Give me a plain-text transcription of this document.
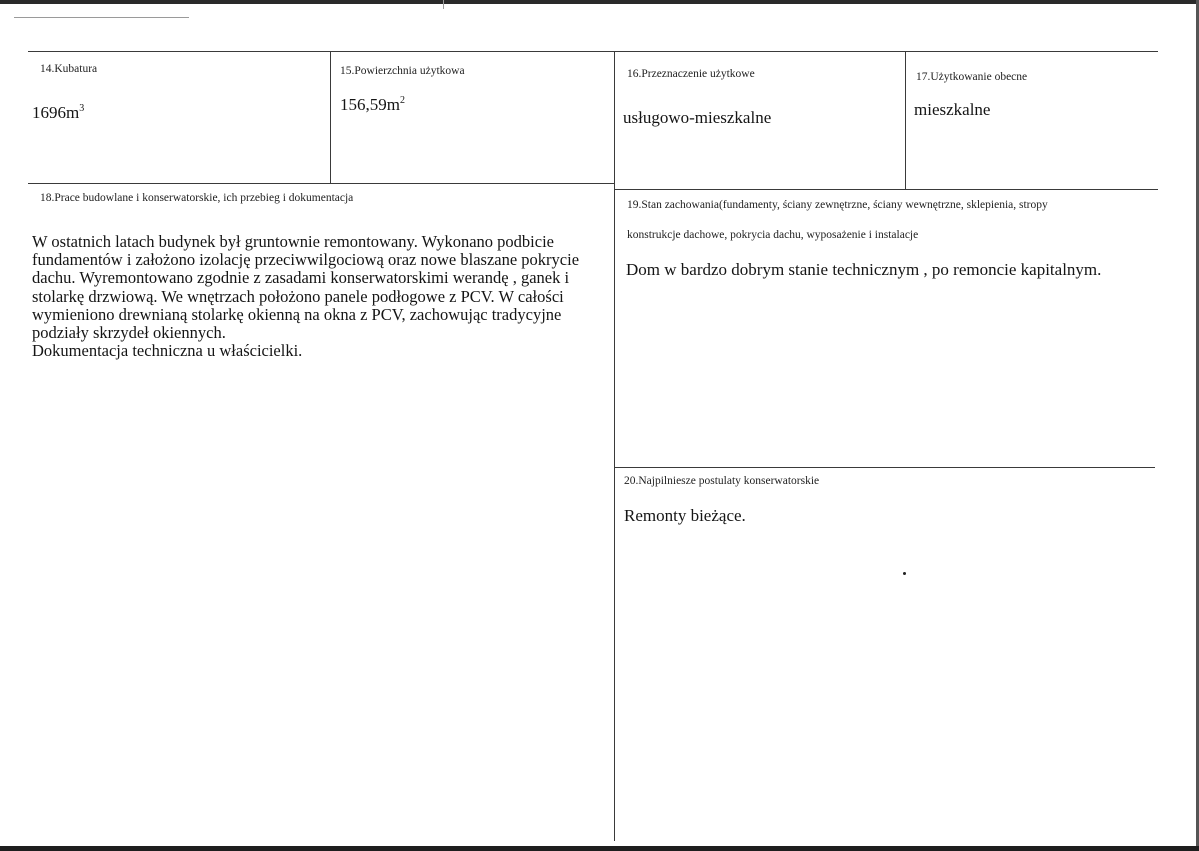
14.Kubatura
$1696m^3$
15.Powierzchnia użytkowa
$156,59m^2$
16.Przeznaczenie użytkowe
usługowo-mieszkalne
17.Użytkowanie obecne
mieszkalne
18.Prace budowlane i konserwatorskie, ich przebieg i dokumentacja
W ostatnich latach budynek był gruntownie remontowany. Wykonano podbicie
fundamentów i założono izolację przeciwwilgociową oraz nowe blaszane pokrycie
dachu. Wyremontowano zgodnie z zasadami konserwatorskimi werandę , ganek i
stolarkę drzwiową. We wnętrzach położono panele podłogowe z PCV. W całości
wymieniono drewnianą stolarkę okienną na okna z PCV, zachowując tradycyjne
podziały skrzydeł okiennych.
Dokumentacja techniczna u właścicielki.
19.Stan zachowania(fundamenty, ściany zewnętrzne, ściany wewnętrzne, sklepienia, stropy
konstrukcje dachowe, pokrycia dachu, wyposażenie i instalacje
Dom w bardzo dobrym stanie technicznym , po remoncie kapitalnym.
20.Najpilniesze postulaty konserwatorskie
Remonty bieżące.
